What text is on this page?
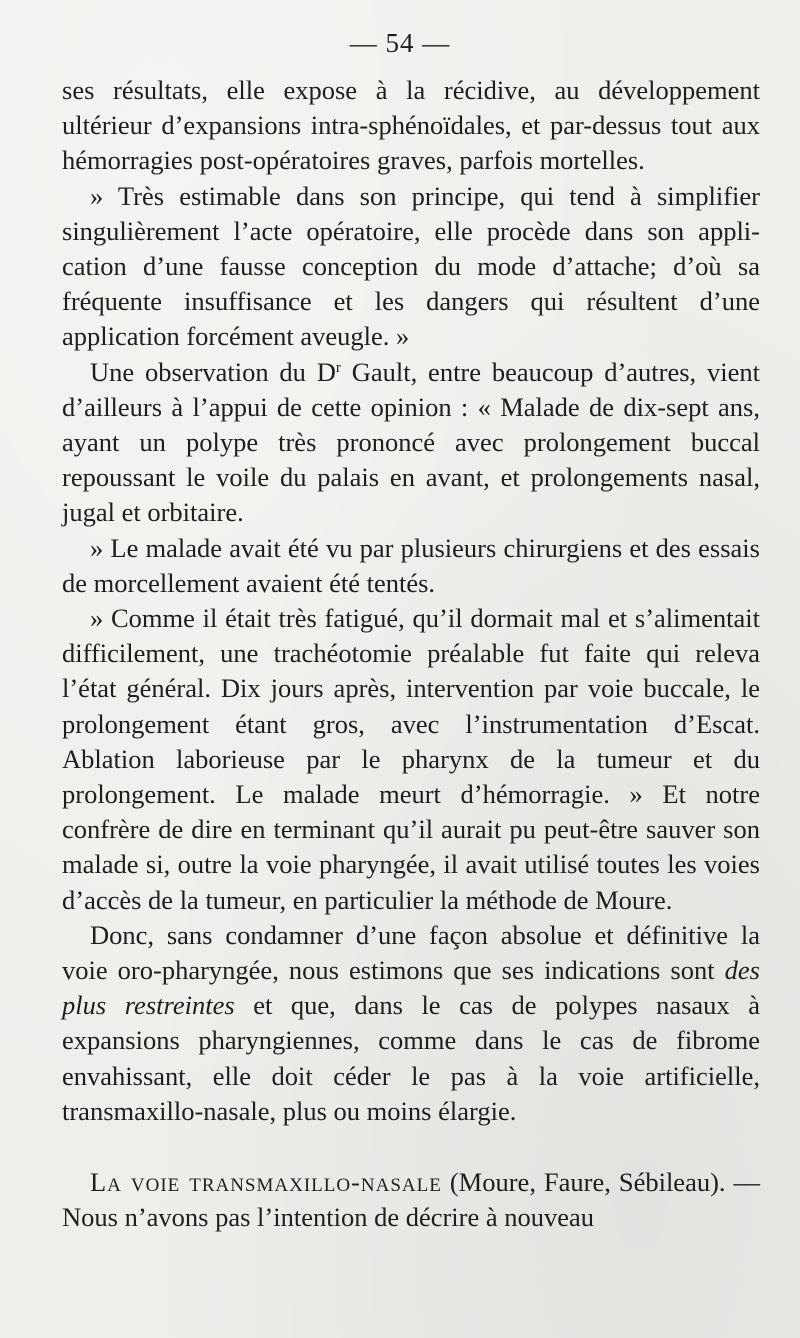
— 54 —

ses résultats, elle expose à la récidive, au développement ultérieur d’expansions intra-sphénoïdales, et par-dessus tout aux hémorragies post-opératoires graves, parfois mortelles.

» Très estimable dans son principe, qui tend à simplifier singulièrement l’acte opératoire, elle procède dans son application d’une fausse conception du mode d’attache; d’où sa fréquente insuffisance et les dangers qui résultent d’une application forcément aveugle. »

Une observation du $D^r$ Gault, entre beaucoup d’autres, vient d’ailleurs à l’appui de cette opinion : « Malade de dix-sept ans, ayant un polype très prononcé avec prolongement buccal repoussant le voile du palais en avant, et prolongements nasal, jugal et orbitaire.

» Le malade avait été vu par plusieurs chirurgiens et des essais de morcellement avaient été tentés.

» Comme il était très fatigué, qu’il dormait mal et s’alimentait difficilement, une trachéotomie préalable fut faite qui releva l’état général. Dix jours après, intervention par voie buccale, le prolongement étant gros, avec l’instrumentation d’Escat. Ablation laborieuse par le pharynx de la tumeur et du prolongement. Le malade meurt d’hémorragie. » Et notre confrère de dire en terminant qu’il aurait pu peut-être sauver son malade si, outre la voie pharyngée, il avait utilisé toutes les voies d’accès de la tumeur, en particulier la méthode de Moure.

Donc, sans condamner d’une façon absolue et définitive la voie oro-pharyngée, nous estimons que ses indications sont des plus restreintes et que, dans le cas de polypes nasaux à expansions pharyngiennes, comme dans le cas de fibrome envahissant, elle doit céder le pas à la voie artificielle, transmaxillo-nasale, plus ou moins élargie.

La voie transmaxillo-nasale (Moure, Faure, Sébileau). — Nous n’avons pas l’intention de décrire à nouveau
